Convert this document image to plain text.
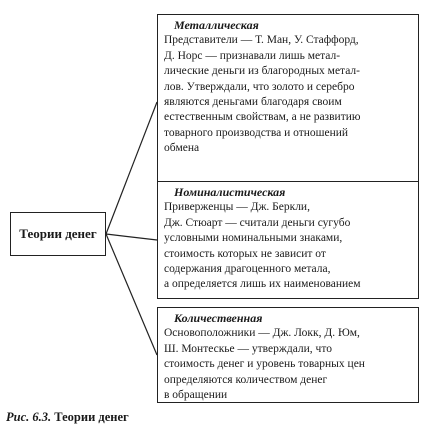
Теории денег
Металлическая
Представители — Т. Ман, У. Стаффорд,
Д. Норс — признавали лишь метал-
лические деньги из благородных метал-
лов. Утверждали, что золото и серебро
являются деньгами благодаря своим
естественным свойствам, а не развитию
товарного производства и отношений
обмена
Номиналистическая
Приверженцы — Дж. Беркли,
Дж. Стюарт — считали деньги сугубо
условными номинальными знаками,
стоимость которых не зависит от
содержания драгоценного метала,
а определяется лишь их наименованием
Количественная
Основоположники — Дж. Локк, Д. Юм,
Ш. Монтескье — утверждали, что
стоимость денег и уровень товарных цен
определяются количеством денег
в обращении
Рис. 6.3. Теории денег
